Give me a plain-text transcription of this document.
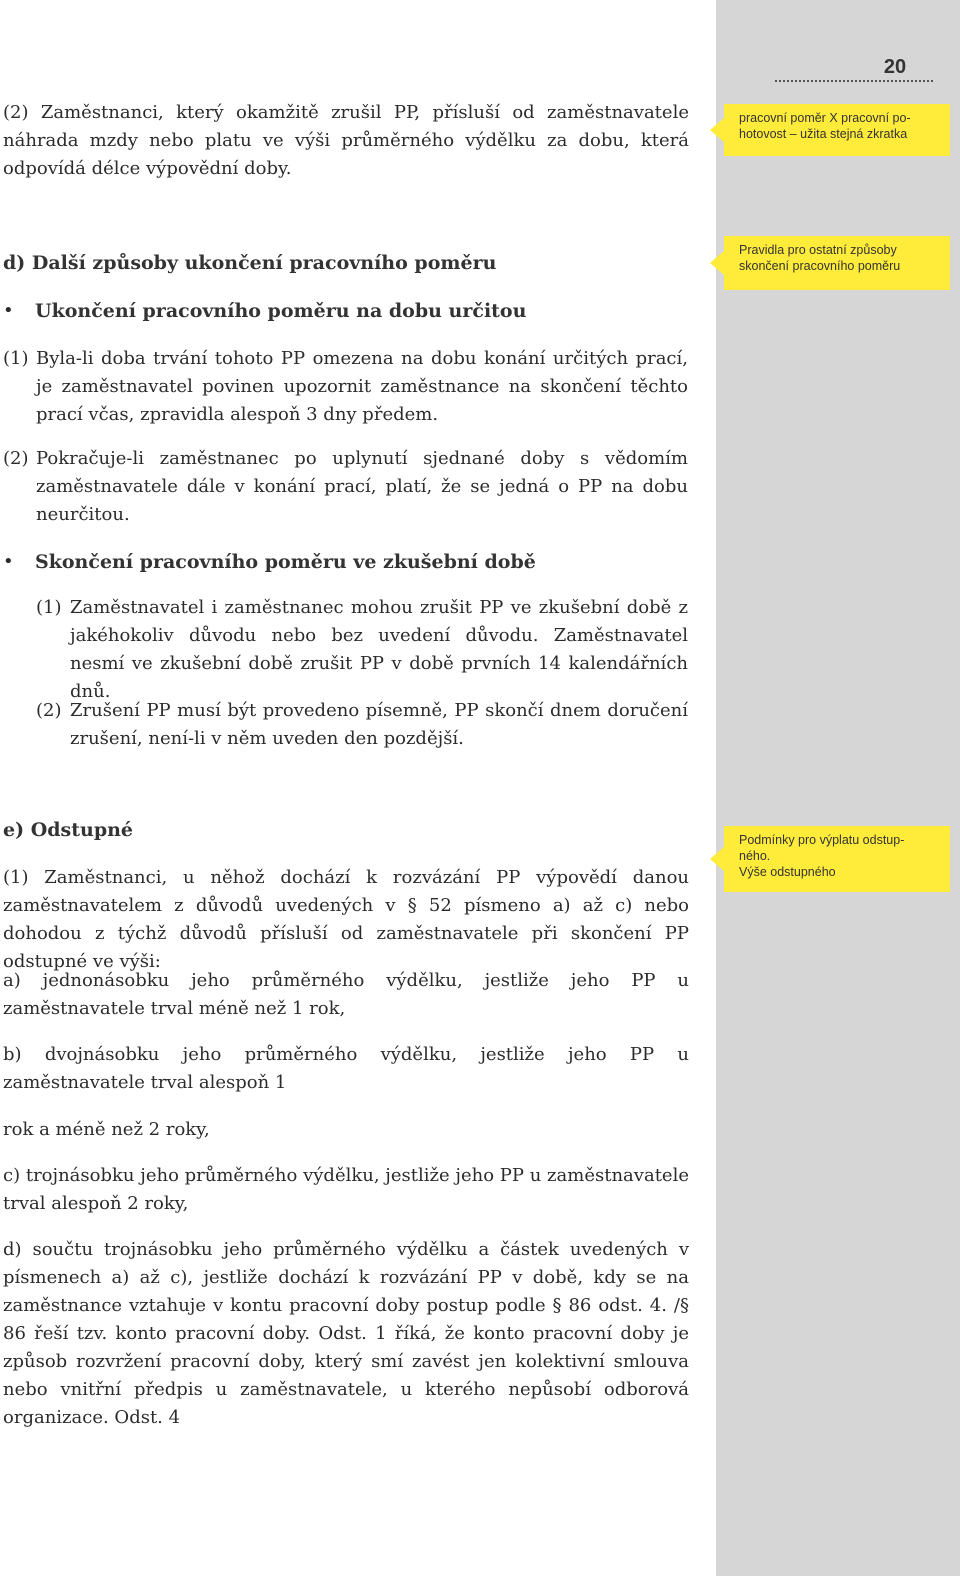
20
pracovní poměr X pracovní po-
hotovost – užita stejná zkratka
Pravidla pro ostatní způsoby
skončení pracovního poměru
Podmínky pro výplatu odstup-
ného.
Výše odstupného

(2) Zaměstnanci, který okamžitě zrušil PP, přísluší od zaměstnavatele náhrada mzdy nebo platu ve výši průměrného výdělku za dobu, která odpovídá délce výpovědní doby.

d) Další způsoby ukončení pracovního poměru
• Ukončení pracovního poměru na dobu určitou
(1) Byla-li doba trvání tohoto PP omezena na dobu konání určitých prací, je zaměstnavatel povinen upozornit zaměstnance na skončení těchto prací včas, zpravidla alespoň 3 dny předem.

(2) Pokračuje-li zaměstnanec po uplynutí sjednané doby s vědomím zaměstnavatele dále v konání prací, platí, že se jedná o PP na dobu neurčitou.

• Skončení pracovního poměru ve zkušební době
(1) Zaměstnavatel i zaměstnanec mohou zrušit PP ve zkušební době z jakéhokoliv důvodu nebo bez uvedení důvodu. Zaměstnavatel nesmí ve zkušební době zrušit PP v době prvních 14 kalendářních dnů.

(2) Zrušení PP musí být provedeno písemně, PP skončí dnem doručení zrušení, není-li v něm uveden den pozdější.

e) Odstupné

(1) Zaměstnanci, u něhož dochází k rozvázání PP výpovědí danou zaměstnavatelem z důvodů uvedených v § 52 písmeno a) až c) nebo dohodou z týchž důvodů přísluší od zaměstnavatele při skončení PP odstupné ve výši:

a) jednonásobku jeho průměrného výdělku, jestliže jeho PP u zaměstnavatele trval méně než 1 rok,

b) dvojnásobku jeho průměrného výdělku, jestliže jeho PP u zaměstnavatele trval alespoň 1

rok a méně než 2 roky,

c) trojnásobku jeho průměrného výdělku, jestliže jeho PP u zaměstnavatele trval alespoň 2 roky,

d) součtu trojnásobku jeho průměrného výdělku a částek uvedených v písmenech a) až c), jestliže dochází k rozvázání PP v době, kdy se na zaměstnance vztahuje v kontu pracovní doby postup podle § 86 odst. 4. /§ 86 řeší tzv. konto pracovní doby. Odst. 1 říká, že konto pracovní doby je způsob rozvržení pracovní doby, který smí zavést jen kolektivní smlouva nebo vnitřní předpis u zaměstnavatele, u kterého nepůsobí odborová organizace. Odst. 4
